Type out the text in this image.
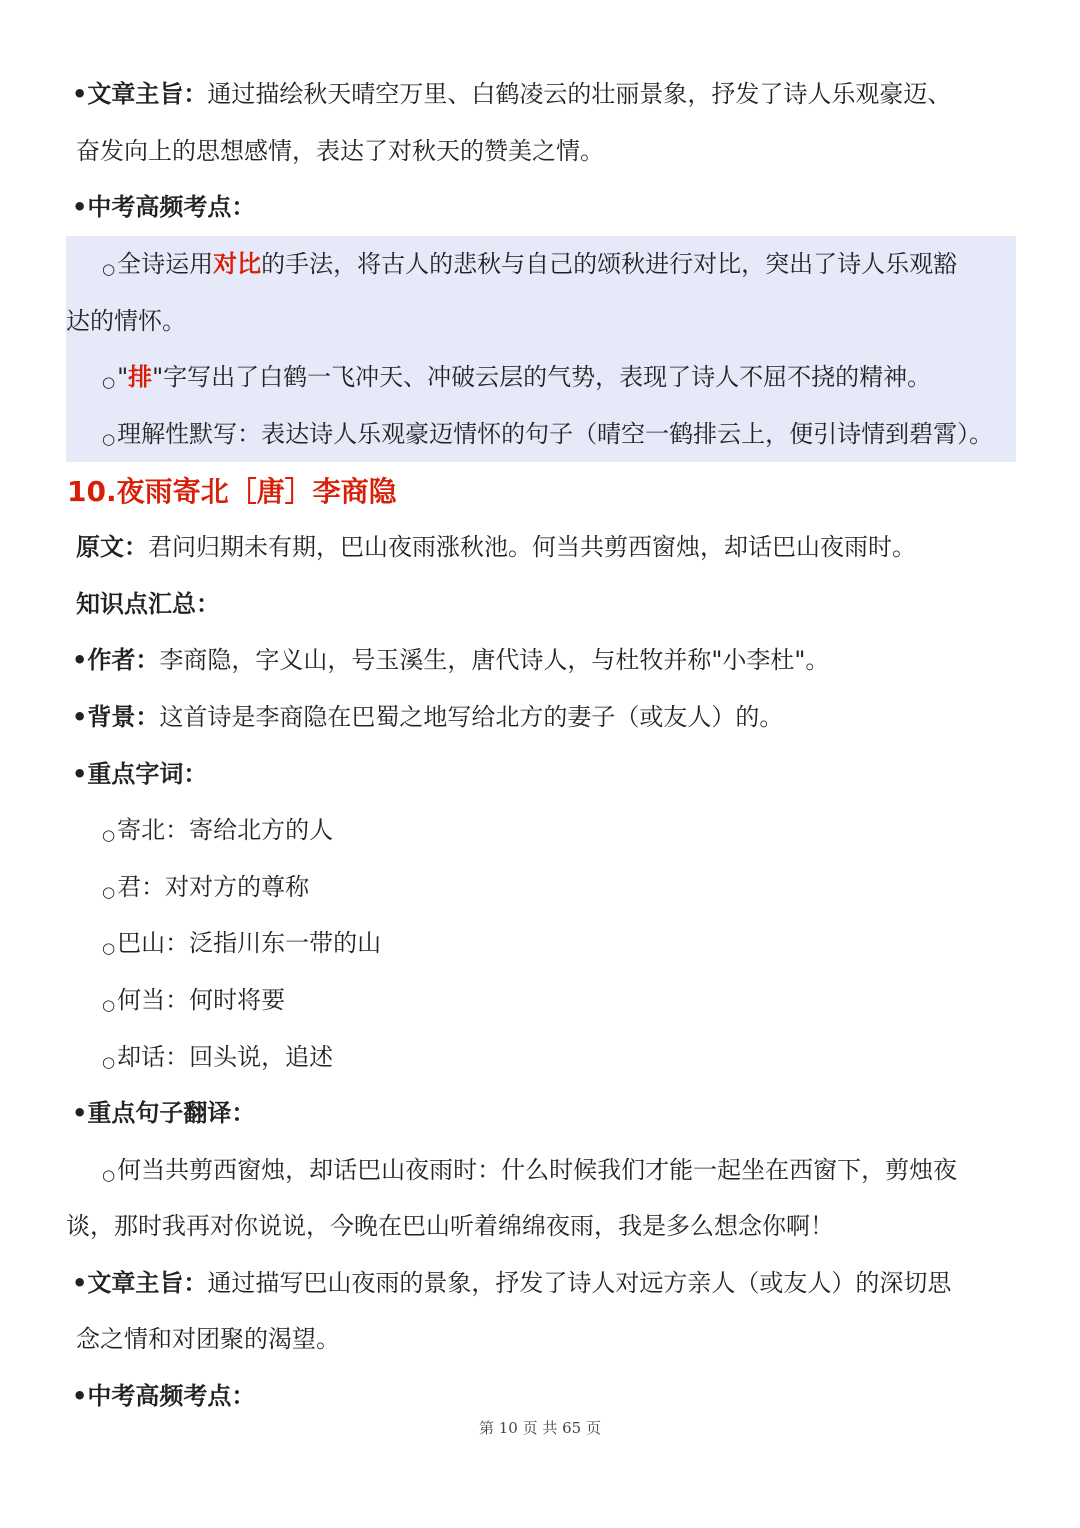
•文章主旨：通过描绘秋天晴空万里、白鹤凌云的壮丽景象，抒发了诗人乐观豪迈、
奋发向上的思想感情，表达了对秋天的赞美之情。
•中考高频考点：
○全诗运用对比的手法，将古人的悲秋与自己的颂秋进行对比，突出了诗人乐观豁
达的情怀。
○"排"字写出了白鹤一飞冲天、冲破云层的气势，表现了诗人不屈不挠的精神。
○理解性默写：表达诗人乐观豪迈情怀的句子（晴空一鹤排云上，便引诗情到碧霄）。
10.夜雨寄北［唐］李商隐
原文：君问归期未有期，巴山夜雨涨秋池。何当共剪西窗烛，却话巴山夜雨时。
知识点汇总：
•作者：李商隐，字义山，号玉溪生，唐代诗人，与杜牧并称"小李杜"。
•背景：这首诗是李商隐在巴蜀之地写给北方的妻子（或友人）的。
•重点字词：
○寄北：寄给北方的人
○君：对对方的尊称
○巴山：泛指川东一带的山
○何当：何时将要
○却话：回头说，追述
•重点句子翻译：
○何当共剪西窗烛，却话巴山夜雨时：什么时候我们才能一起坐在西窗下，剪烛夜
谈，那时我再对你说说，今晚在巴山听着绵绵夜雨，我是多么想念你啊！
•文章主旨：通过描写巴山夜雨的景象，抒发了诗人对远方亲人（或友人）的深切思
念之情和对团聚的渴望。
•中考高频考点：
第 10 页 共 65 页
